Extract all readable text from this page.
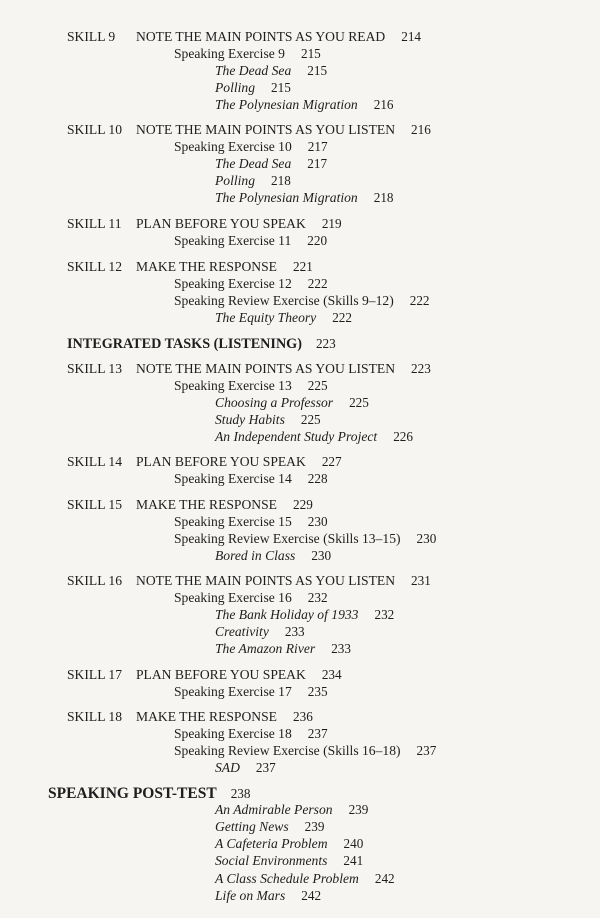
SKILL 9 NOTE THE MAIN POINTS AS YOU READ 214
Speaking Exercise 9 215
The Dead Sea 215
Polling 215
The Polynesian Migration 216
SKILL 10 NOTE THE MAIN POINTS AS YOU LISTEN 216
Speaking Exercise 10 217
The Dead Sea 217
Polling 218
The Polynesian Migration 218
SKILL 11 PLAN BEFORE YOU SPEAK 219
Speaking Exercise 11 220
SKILL 12 MAKE THE RESPONSE 221
Speaking Exercise 12 222
Speaking Review Exercise (Skills 9–12) 222
The Equity Theory 222
INTEGRATED TASKS (LISTENING) 223
SKILL 13 NOTE THE MAIN POINTS AS YOU LISTEN 223
Speaking Exercise 13 225
Choosing a Professor 225
Study Habits 225
An Independent Study Project 226
SKILL 14 PLAN BEFORE YOU SPEAK 227
Speaking Exercise 14 228
SKILL 15 MAKE THE RESPONSE 229
Speaking Exercise 15 230
Speaking Review Exercise (Skills 13–15) 230
Bored in Class 230
SKILL 16 NOTE THE MAIN POINTS AS YOU LISTEN 231
Speaking Exercise 16 232
The Bank Holiday of 1933 232
Creativity 233
The Amazon River 233
SKILL 17 PLAN BEFORE YOU SPEAK 234
Speaking Exercise 17 235
SKILL 18 MAKE THE RESPONSE 236
Speaking Exercise 18 237
Speaking Review Exercise (Skills 16–18) 237
SAD 237
SPEAKING POST-TEST 238
An Admirable Person 239
Getting News 239
A Cafeteria Problem 240
Social Environments 241
A Class Schedule Problem 242
Life on Mars 242
